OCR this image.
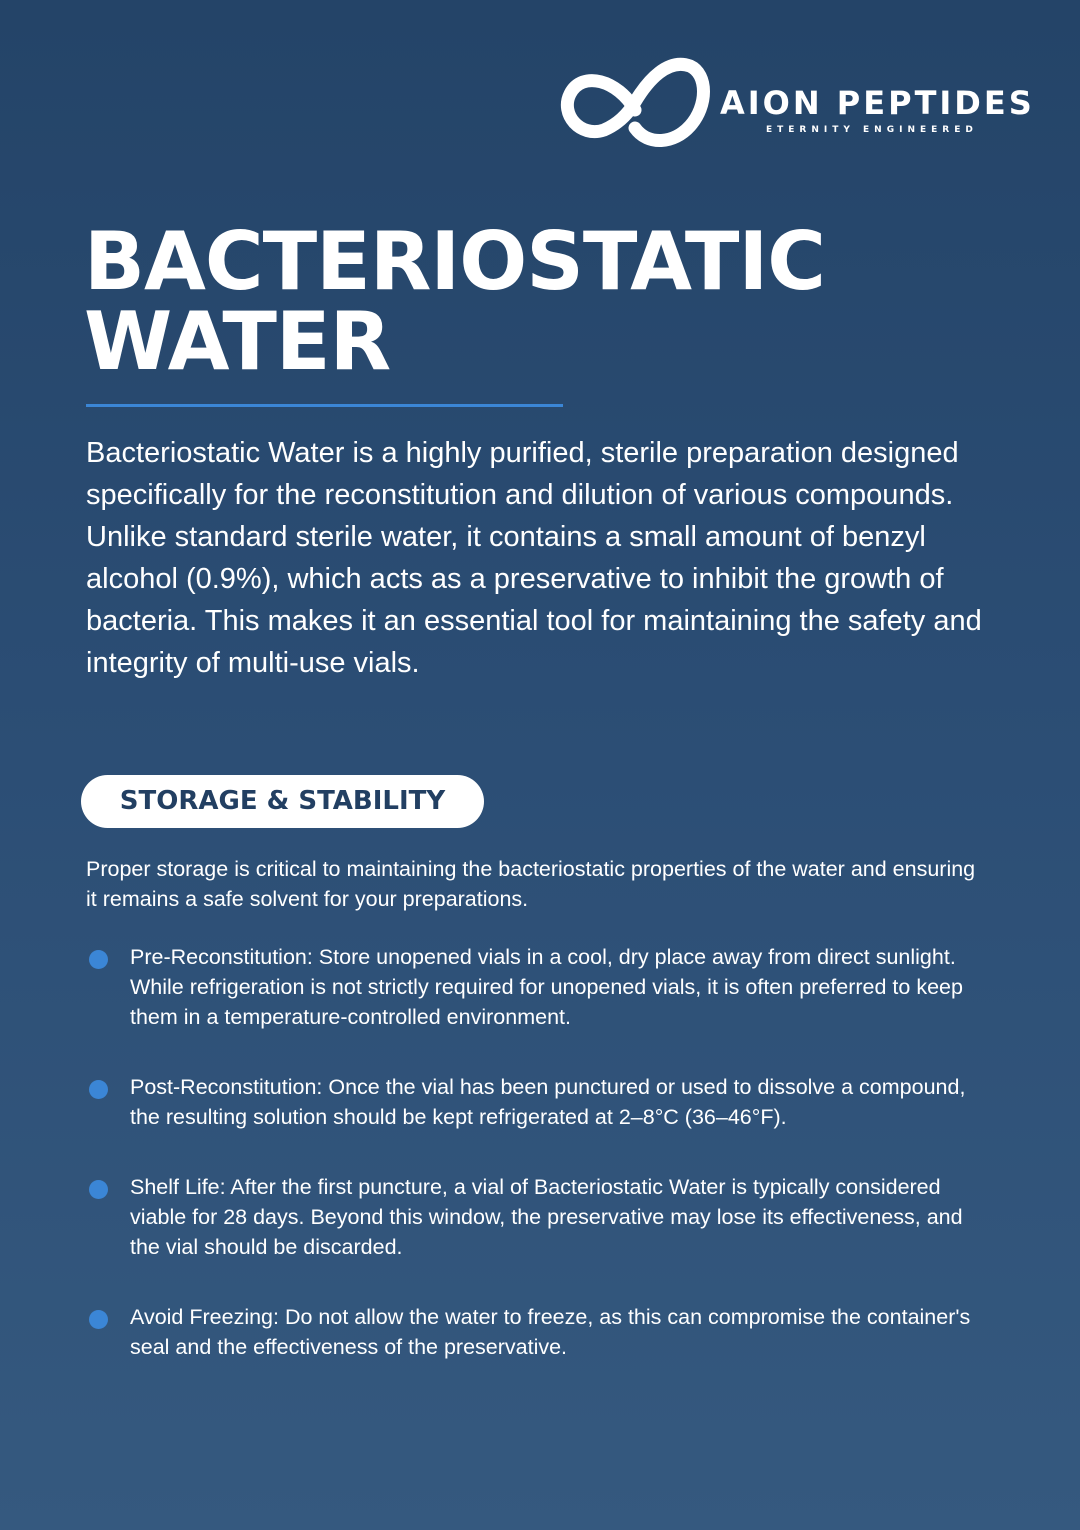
AION PEPTIDES
ETERNITY ENGINEERED
BACTERIOSTATIC
WATER

Bacteriostatic Water is a highly purified, sterile preparation designed specifically for the reconstitution and dilution of various compounds. Unlike standard sterile water, it contains a small amount of benzyl alcohol (0.9%), which acts as a preservative to inhibit the growth of bacteria. This makes it an essential tool for maintaining the safety and integrity of multi-use vials.

STORAGE & STABILITY

Proper storage is critical to maintaining the bacteriostatic properties of the water and ensuring it remains a safe solvent for your preparations.

Pre-Reconstitution: Store unopened vials in a cool, dry place away from direct sunlight. While refrigeration is not strictly required for unopened vials, it is often preferred to keep them in a temperature-controlled environment.
Post-Reconstitution: Once the vial has been punctured or used to dissolve a compound, the resulting solution should be kept refrigerated at 2–8°C (36–46°F).
Shelf Life: After the first puncture, a vial of Bacteriostatic Water is typically considered viable for 28 days. Beyond this window, the preservative may lose its effectiveness, and the vial should be discarded.
Avoid Freezing: Do not allow the water to freeze, as this can compromise the container's seal and the effectiveness of the preservative.
